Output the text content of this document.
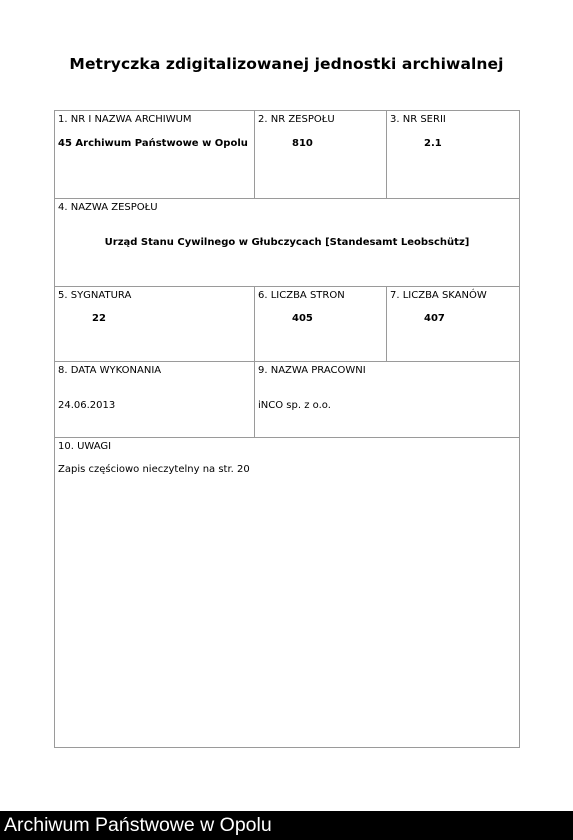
Metryczka zdigitalizowanej jednostki archiwalnej
1. NR I NAZWA ARCHIWUM
45 Archiwum Państwowe w Opolu
2. NR ZESPOŁU
810
3. NR SERII
2.1
4. NAZWA ZESPOŁU
Urząd Stanu Cywilnego w Głubczycach [Standesamt Leobschütz]
5. SYGNATURA
22
6. LICZBA STRON
405
7. LICZBA SKANÓW
407
8. DATA WYKONANIA
24.06.2013
9. NAZWA PRACOWNI
iNCO sp. z o.o.
10. UWAGI
Zapis częściowo nieczytelny na str. 20
Archiwum Państwowe w Opolu
